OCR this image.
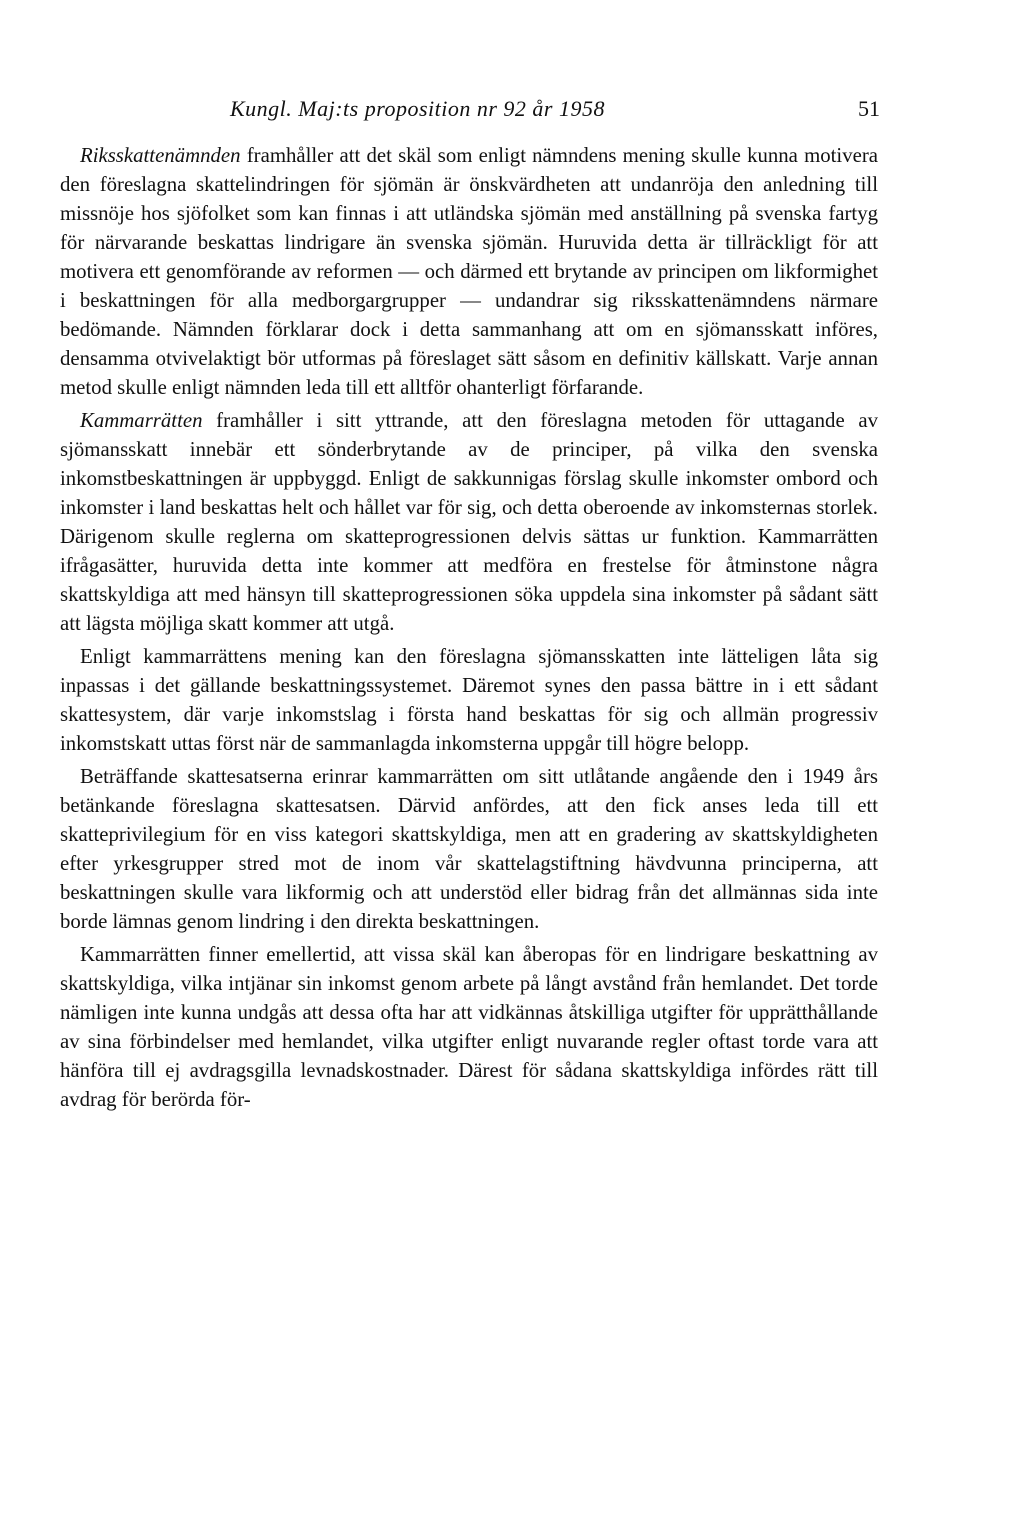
Kungl. Maj:ts proposition nr 92 år 1958	51

Riksskattenämnden framhåller att det skäl som enligt nämndens mening skulle kunna motivera den föreslagna skattelindringen för sjömän är önskvärdheten att undanröja den anledning till missnöje hos sjöfolket som kan finnas i att utländska sjömän med anställning på svenska fartyg för närvarande beskattas lindrigare än svenska sjömän. Huruvida detta är tillräckligt för att motivera ett genomförande av reformen — och därmed ett brytande av principen om likformighet i beskattningen för alla medborgargrupper — undandrar sig riksskattenämndens närmare bedömande. Nämnden förklarar dock i detta sammanhang att om en sjömansskatt införes, densamma otvivelaktigt bör utformas på föreslaget sätt såsom en definitiv källskatt. Varje annan metod skulle enligt nämnden leda till ett alltför ohanterligt förfarande.

Kammarrätten framhåller i sitt yttrande, att den föreslagna metoden för uttagande av sjömansskatt innebär ett sönderbrytande av de principer, på vilka den svenska inkomstbeskattningen är uppbyggd. Enligt de sakkunnigas förslag skulle inkomster ombord och inkomster i land beskattas helt och hållet var för sig, och detta oberoende av inkomsternas storlek. Därigenom skulle reglerna om skatteprogressionen delvis sättas ur funktion. Kammarrätten ifrågasätter, huruvida detta inte kommer att medföra en frestelse för åtminstone några skattskyldiga att med hänsyn till skatteprogressionen söka uppdela sina inkomster på sådant sätt att lägsta möjliga skatt kommer att utgå.

Enligt kammarrättens mening kan den föreslagna sjömansskatten inte lätteligen låta sig inpassas i det gällande beskattningssystemet. Däremot synes den passa bättre in i ett sådant skattesystem, där varje inkomstslag i första hand beskattas för sig och allmän progressiv inkomstskatt uttas först när de sammanlagda inkomsterna uppgår till högre belopp.

Beträffande skattesatserna erinrar kammarrätten om sitt utlåtande angående den i 1949 års betänkande föreslagna skattesatsen. Därvid anfördes, att den fick anses leda till ett skatteprivilegium för en viss kategori skattskyldiga, men att en gradering av skattskyldigheten efter yrkesgrupper stred mot de inom vår skattelagstiftning hävdvunna principerna, att beskattningen skulle vara likformig och att understöd eller bidrag från det allmännas sida inte borde lämnas genom lindring i den direkta beskattningen.

Kammarrätten finner emellertid, att vissa skäl kan åberopas för en lindrigare beskattning av skattskyldiga, vilka intjänar sin inkomst genom arbete på långt avstånd från hemlandet. Det torde nämligen inte kunna undgås att dessa ofta har att vidkännas åtskilliga utgifter för upprätthållande av sina förbindelser med hemlandet, vilka utgifter enligt nuvarande regler oftast torde vara att hänföra till ej avdragsgilla levnadskostnader. Därest för sådana skattskyldiga infördes rätt till avdrag för berörda för-
